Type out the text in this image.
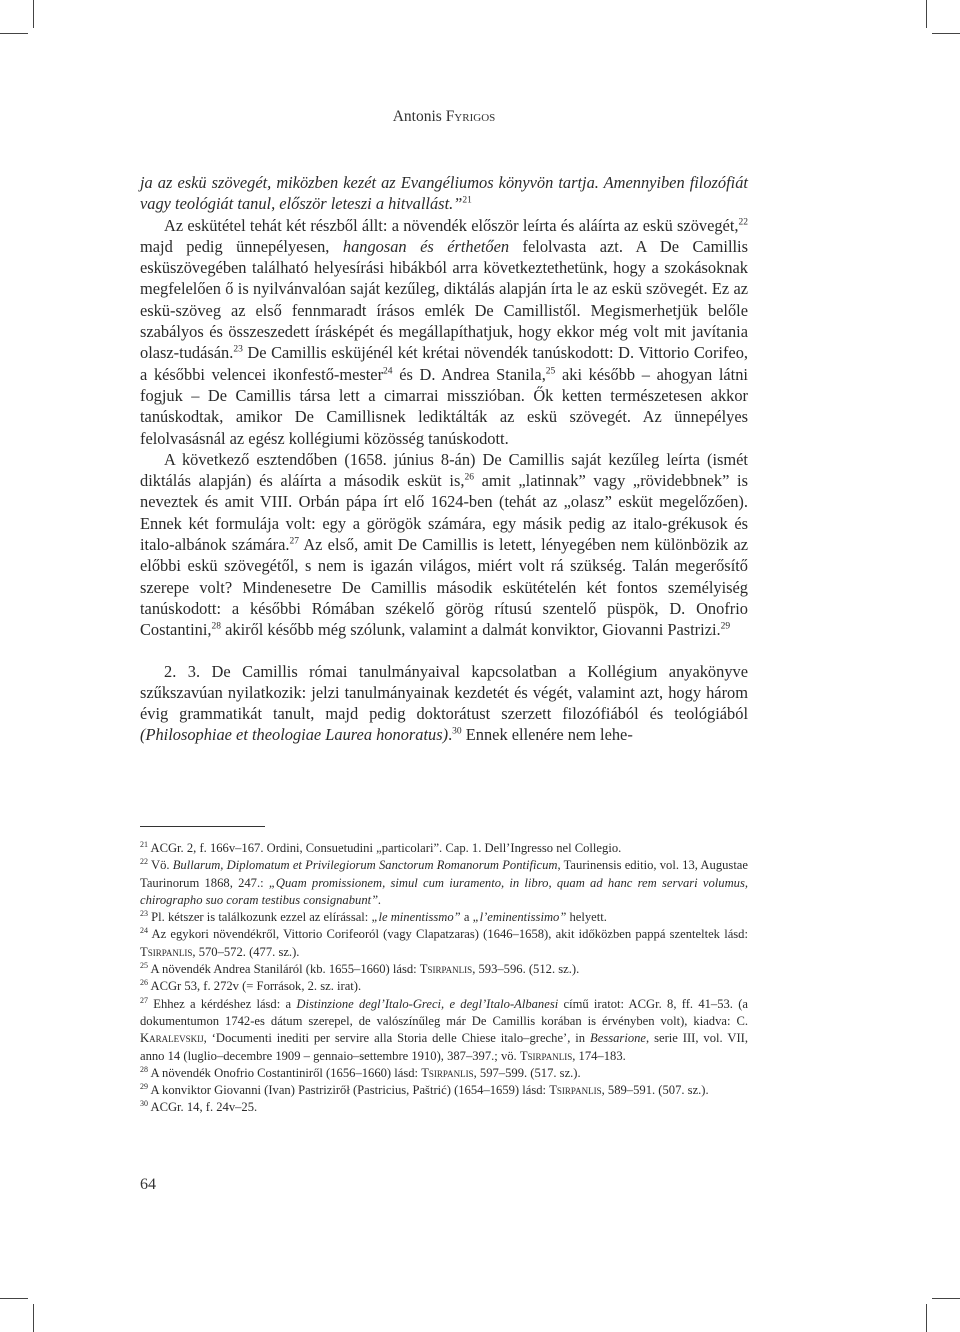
Antonis Fyrigos

ja az eskü szövegét, miközben kezét az Evangéliumos könyvön tartja. Amennyiben filozófiát vagy teológiát tanul, először leteszi a hitvallást.”$^{21}$

Az eskütétel tehát két részből állt: a növendék először leírta és aláírta az eskü szövegét,$^{22}$ majd pedig ünnepélyesen, hangosan és érthetően felolvasta azt. A De Camillis esküszövegében található helyesírási hibákból arra következtethetünk, hogy a szokásoknak megfelelően ő is nyilvánvalóan saját kezűleg, diktálás alapján írta le az eskü szövegét. Ez az eskü-szöveg az első fennmaradt írásos emlék De Camillistől. Megismerhetjük belőle szabályos és összeszedett írásképét és megállapíthatjuk, hogy ekkor még volt mit javítania olasz-tudásán.$^{23}$ De Camillis esküjénél két krétai növendék tanúskodott: D. Vittorio Corifeo, a későbbi velencei ikonfestő-mester$^{24}$ és D. Andrea Stanila,$^{25}$ aki később – ahogyan látni fogjuk – De Camillis társa lett a cimarrai misszióban. Ők ketten természetesen akkor tanúskodtak, amikor De Camillisnek lediktálták az eskü szövegét. Az ünnepélyes felolvasásnál az egész kollégiumi közösség tanúskodott.

A következő esztendőben (1658. június 8-án) De Camillis saját kezűleg leírta (ismét diktálás alapján) és aláírta a második esküt is,$^{26}$ amit „latinnak” vagy „rövidebbnek” is neveztek és amit VIII. Orbán pápa írt elő 1624-ben (tehát az „olasz” esküt megelőzően). Ennek két formulája volt: egy a görögök számára, egy másik pedig az italo-grékusok és italo-albánok számára.$^{27}$ Az első, amit De Camillis is letett, lényegében nem különbözik az előbbi eskü szövegétől, s nem is igazán világos, miért volt rá szükség. Talán megerősítő szerepe volt? Mindenesetre De Camillis második eskütételén két fontos személyiség tanúskodott: a későbbi Rómában székelő görög rítusú szentelő püspök, D. Onofrio Costantini,$^{28}$ akiről később még szólunk, valamint a dalmát konviktor, Giovanni Pastrizi.$^{29}$

2. 3. De Camillis római tanulmányaival kapcsolatban a Kollégium anyakönyve szűkszavúan nyilatkozik: jelzi tanulmányainak kezdetét és végét, valamint azt, hogy három évig grammatikát tanult, majd pedig doktorátust szerzett filozófiából és teológiából (Philosophiae et theologiae Laurea honoratus).$^{30}$ Ennek ellenére nem lehe-

$^{21}$ ACGr. 2, f. 166v–167. Ordini, Consuetudini „particolari”. Cap. 1. Dell’Ingresso nel Collegio.

$^{22}$ Vö. Bullarum, Diplomatum et Privilegiorum Sanctorum Romanorum Pontificum, Taurinensis editio, vol. 13, Augustae Taurinorum 1868, 247.: „Quam promissionem, simul cum iuramento, in libro, quam ad hanc rem servari volumus, chirographo suo coram testibus consignabunt”.

$^{23}$ Pl. kétszer is találkozunk ezzel az elírással: „le minentissmo” a „l’eminentissimo” helyett.

$^{24}$ Az egykori növendékről, Vittorio Corifeoról (vagy Clapatzaras) (1646–1658), akit időközben pappá szenteltek lásd: Tsirpanlis, 570–572. (477. sz.).

$^{25}$ A növendék Andrea Staniláról (kb. 1655–1660) lásd: Tsirpanlis, 593–596. (512. sz.).

$^{26}$ ACGr 53, f. 272v (= Források, 2. sz. irat).

$^{27}$ Ehhez a kérdéshez lásd: a Distinzione degl’Italo-Greci, e degl’Italo-Albanesi című iratot: ACGr. 8, ff. 41–53. (a dokumentumon 1742-es dátum szerepel, de valószínűleg már De Camillis korában is érvényben volt), kiadva: C. Karalevskij, ‘Documenti inediti per servire alla Storia delle Chiese italo–greche’, in Bessarione, serie III, vol. VII, anno 14 (luglio–decembre 1909 – gennaio–settembre 1910), 387–397.; vö. Tsirpanlis, 174–183.

$^{28}$ A növendék Onofrio Costantiniről (1656–1660) lásd: Tsirpanlis, 597–599. (517. sz.).

$^{29}$ A konviktor Giovanni (Ivan) Pastrizirőł (Pastricius, Paštrić) (1654–1659) lásd: Tsirpanlis, 589–591. (507. sz.).

$^{30}$ ACGr. 14, f. 24v–25.

64
